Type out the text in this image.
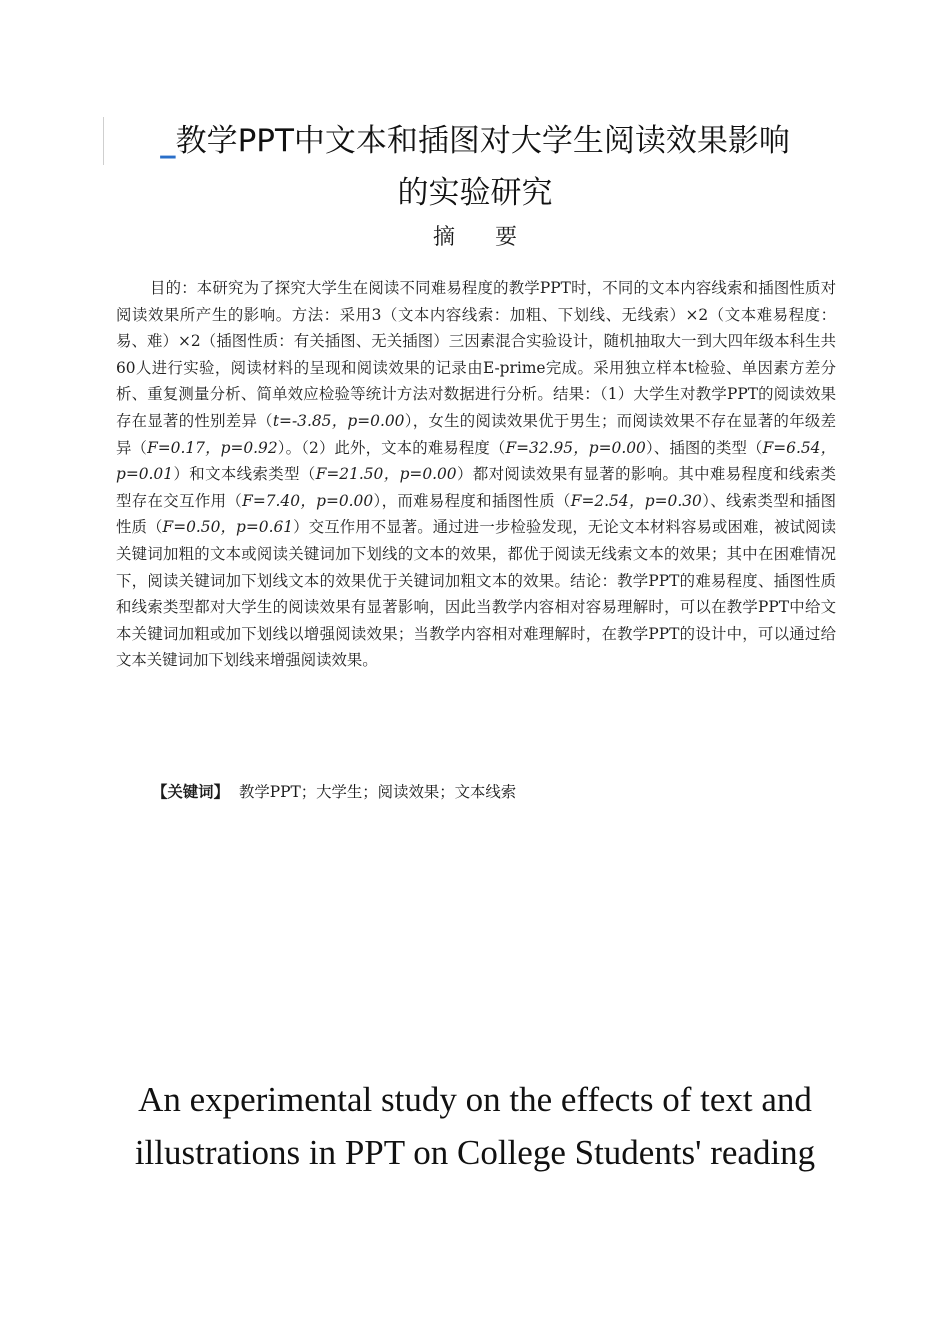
_教学PPT中文本和插图对大学生阅读效果影响
的实验研究
摘要
目的：本研究为了探究大学生在阅读不同难易程度的教学PPT时，不同的文本内容线索和插图性质对阅读效果所产生的影响。方法：采用3（文本内容线索：加粗、下划线、无线索）×2（文本难易程度：易、难）×2（插图性质：有关插图、无关插图）三因素混合实验设计，随机抽取大一到大四年级本科生共60人进行实验，阅读材料的呈现和阅读效果的记录由E-prime完成。采用独立样本t检验、单因素方差分析、重复测量分析、简单效应检验等统计方法对数据进行分析。结果：（1）大学生对教学PPT的阅读效果存在显著的性别差异（t=-3.85，p=0.00），女生的阅读效果优于男生；而阅读效果不存在显著的年级差异（F=0.17，p=0.92）。（2）此外，文本的难易程度（F=32.95，p=0.00）、插图的类型（F=6.54，p=0.01）和文本线索类型（F=21.50，p=0.00）都对阅读效果有显著的影响。其中难易程度和线索类型存在交互作用（F=7.40，p=0.00），而难易程度和插图性质（F=2.54，p=0.30）、线索类型和插图性质（F=0.50，p=0.61）交互作用不显著。通过进一步检验发现，无论文本材料容易或困难，被试阅读关键词加粗的文本或阅读关键词加下划线的文本的效果，都优于阅读无线索文本的效果；其中在困难情况下，阅读关键词加下划线文本的效果优于关键词加粗文本的效果。结论：教学PPT的难易程度、插图性质和线索类型都对大学生的阅读效果有显著影响，因此当教学内容相对容易理解时，可以在教学PPT中给文本关键词加粗或加下划线以增强阅读效果；当教学内容相对难理解时，在教学PPT的设计中，可以通过给文本关键词加下划线来增强阅读效果。
【关键词】 教学PPT；大学生；阅读效果；文本线索
An experimental study on the effects of text and
illustrations in PPT on College Students' reading
